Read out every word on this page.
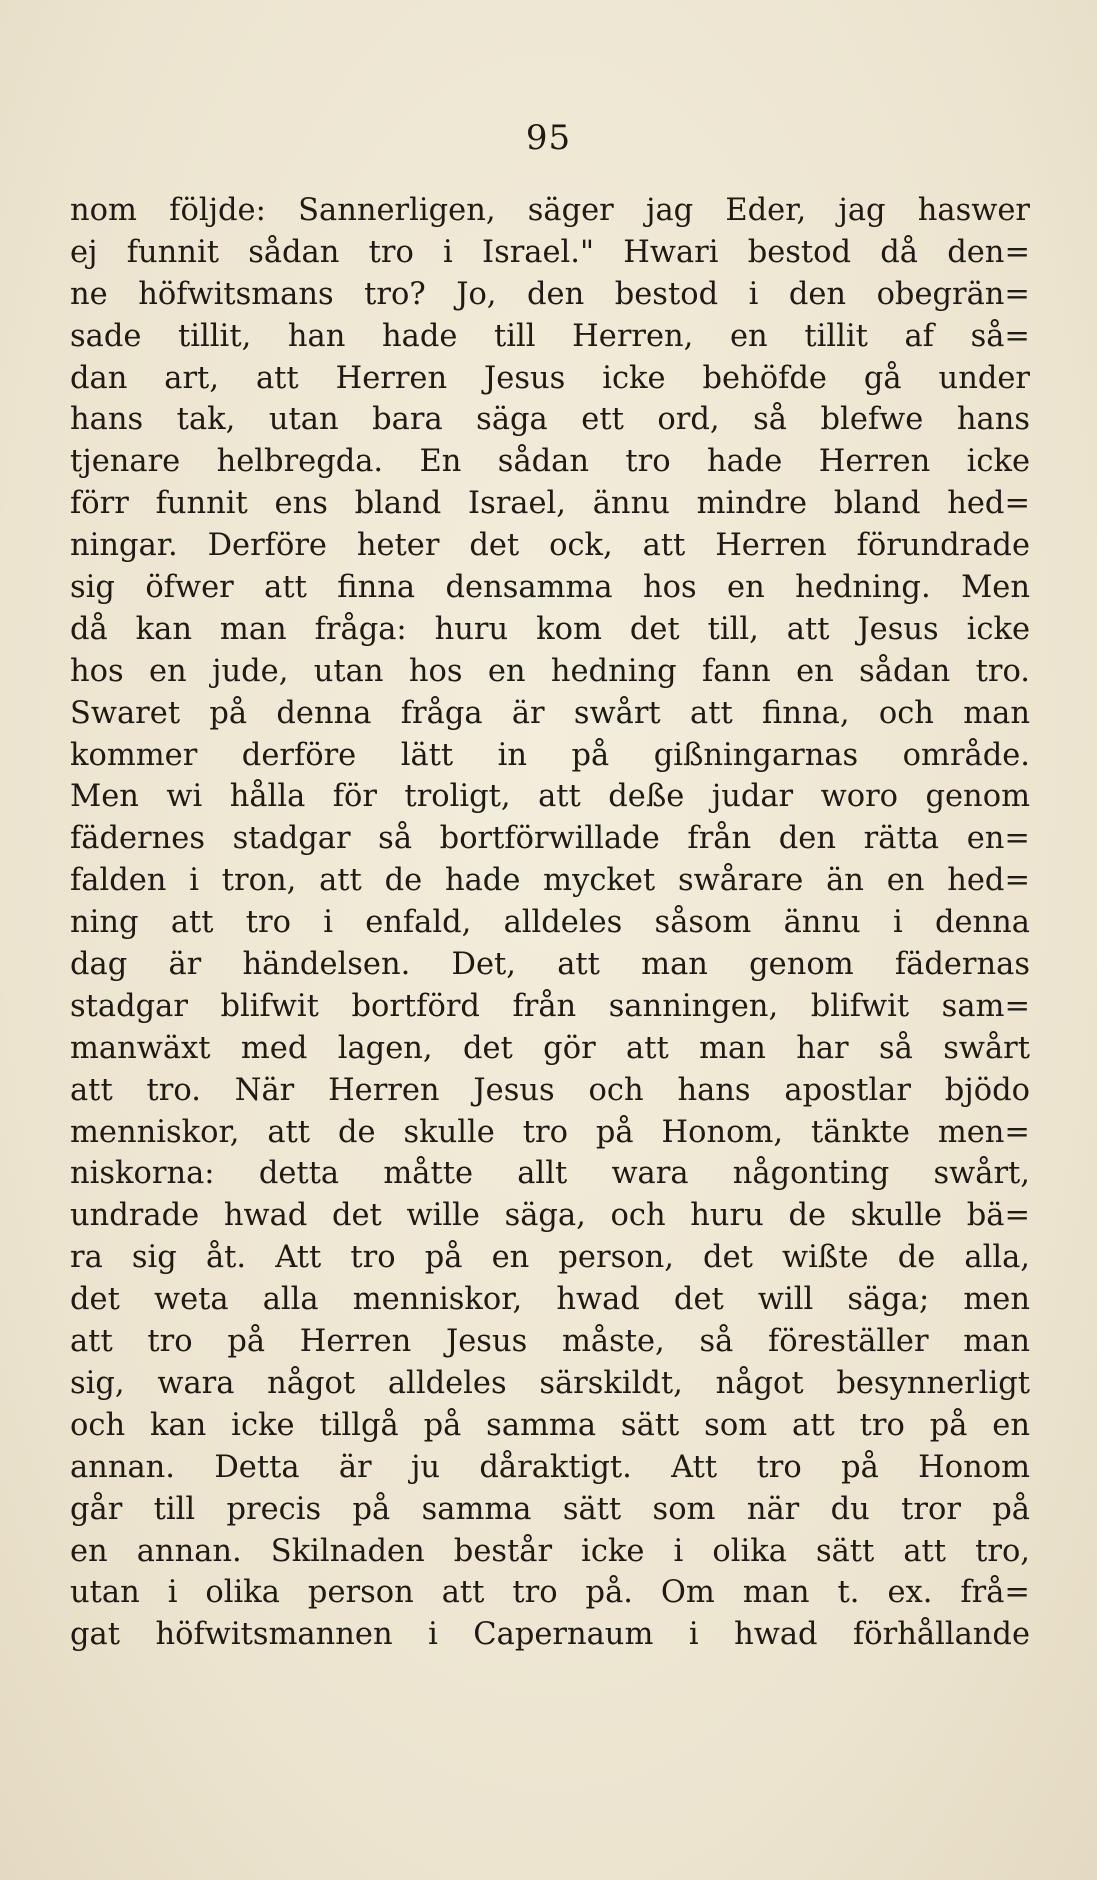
95
nom följde: Sannerligen, säger jag Eder, jag haswer
ej funnit sådan tro i Israel." Hwari bestod då den=
ne höfwitsmans tro? Jo, den bestod i den obegrän=
sade tillit, han hade till Herren, en tillit af så=
dan art, att Herren Jesus icke behöfde gå under
hans tak, utan bara säga ett ord, så blefwe hans
tjenare helbregda. En sådan tro hade Herren icke
förr funnit ens bland Israel, ännu mindre bland hed=
ningar. Derföre heter det ock, att Herren förundrade
sig öfwer att finna densamma hos en hedning. Men
då kan man fråga: huru kom det till, att Jesus icke
hos en jude, utan hos en hedning fann en sådan tro.
Swaret på denna fråga är swårt att finna, och man
kommer derföre lätt in på gißningarnas område.
Men wi hålla för troligt, att deße judar woro genom
fädernes stadgar så bortförwillade från den rätta en=
falden i tron, att de hade mycket swårare än en hed=
ning att tro i enfald, alldeles såsom ännu i denna
dag är händelsen. Det, att man genom fädernas
stadgar blifwit bortförd från sanningen, blifwit sam=
manwäxt med lagen, det gör att man har så swårt
att tro. När Herren Jesus och hans apostlar bjödo
menniskor, att de skulle tro på Honom, tänkte men=
niskorna: detta måtte allt wara någonting swårt,
undrade hwad det wille säga, och huru de skulle bä=
ra sig åt. Att tro på en person, det wißte de alla,
det weta alla menniskor, hwad det will säga; men
att tro på Herren Jesus måste, så föreställer man
sig, wara något alldeles särskildt, något besynnerligt
och kan icke tillgå på samma sätt som att tro på en
annan. Detta är ju dåraktigt. Att tro på Honom
går till precis på samma sätt som när du tror på
en annan. Skilnaden består icke i olika sätt att tro,
utan i olika person att tro på. Om man t. ex. frå=
gat höfwitsmannen i Capernaum i hwad förhållande
